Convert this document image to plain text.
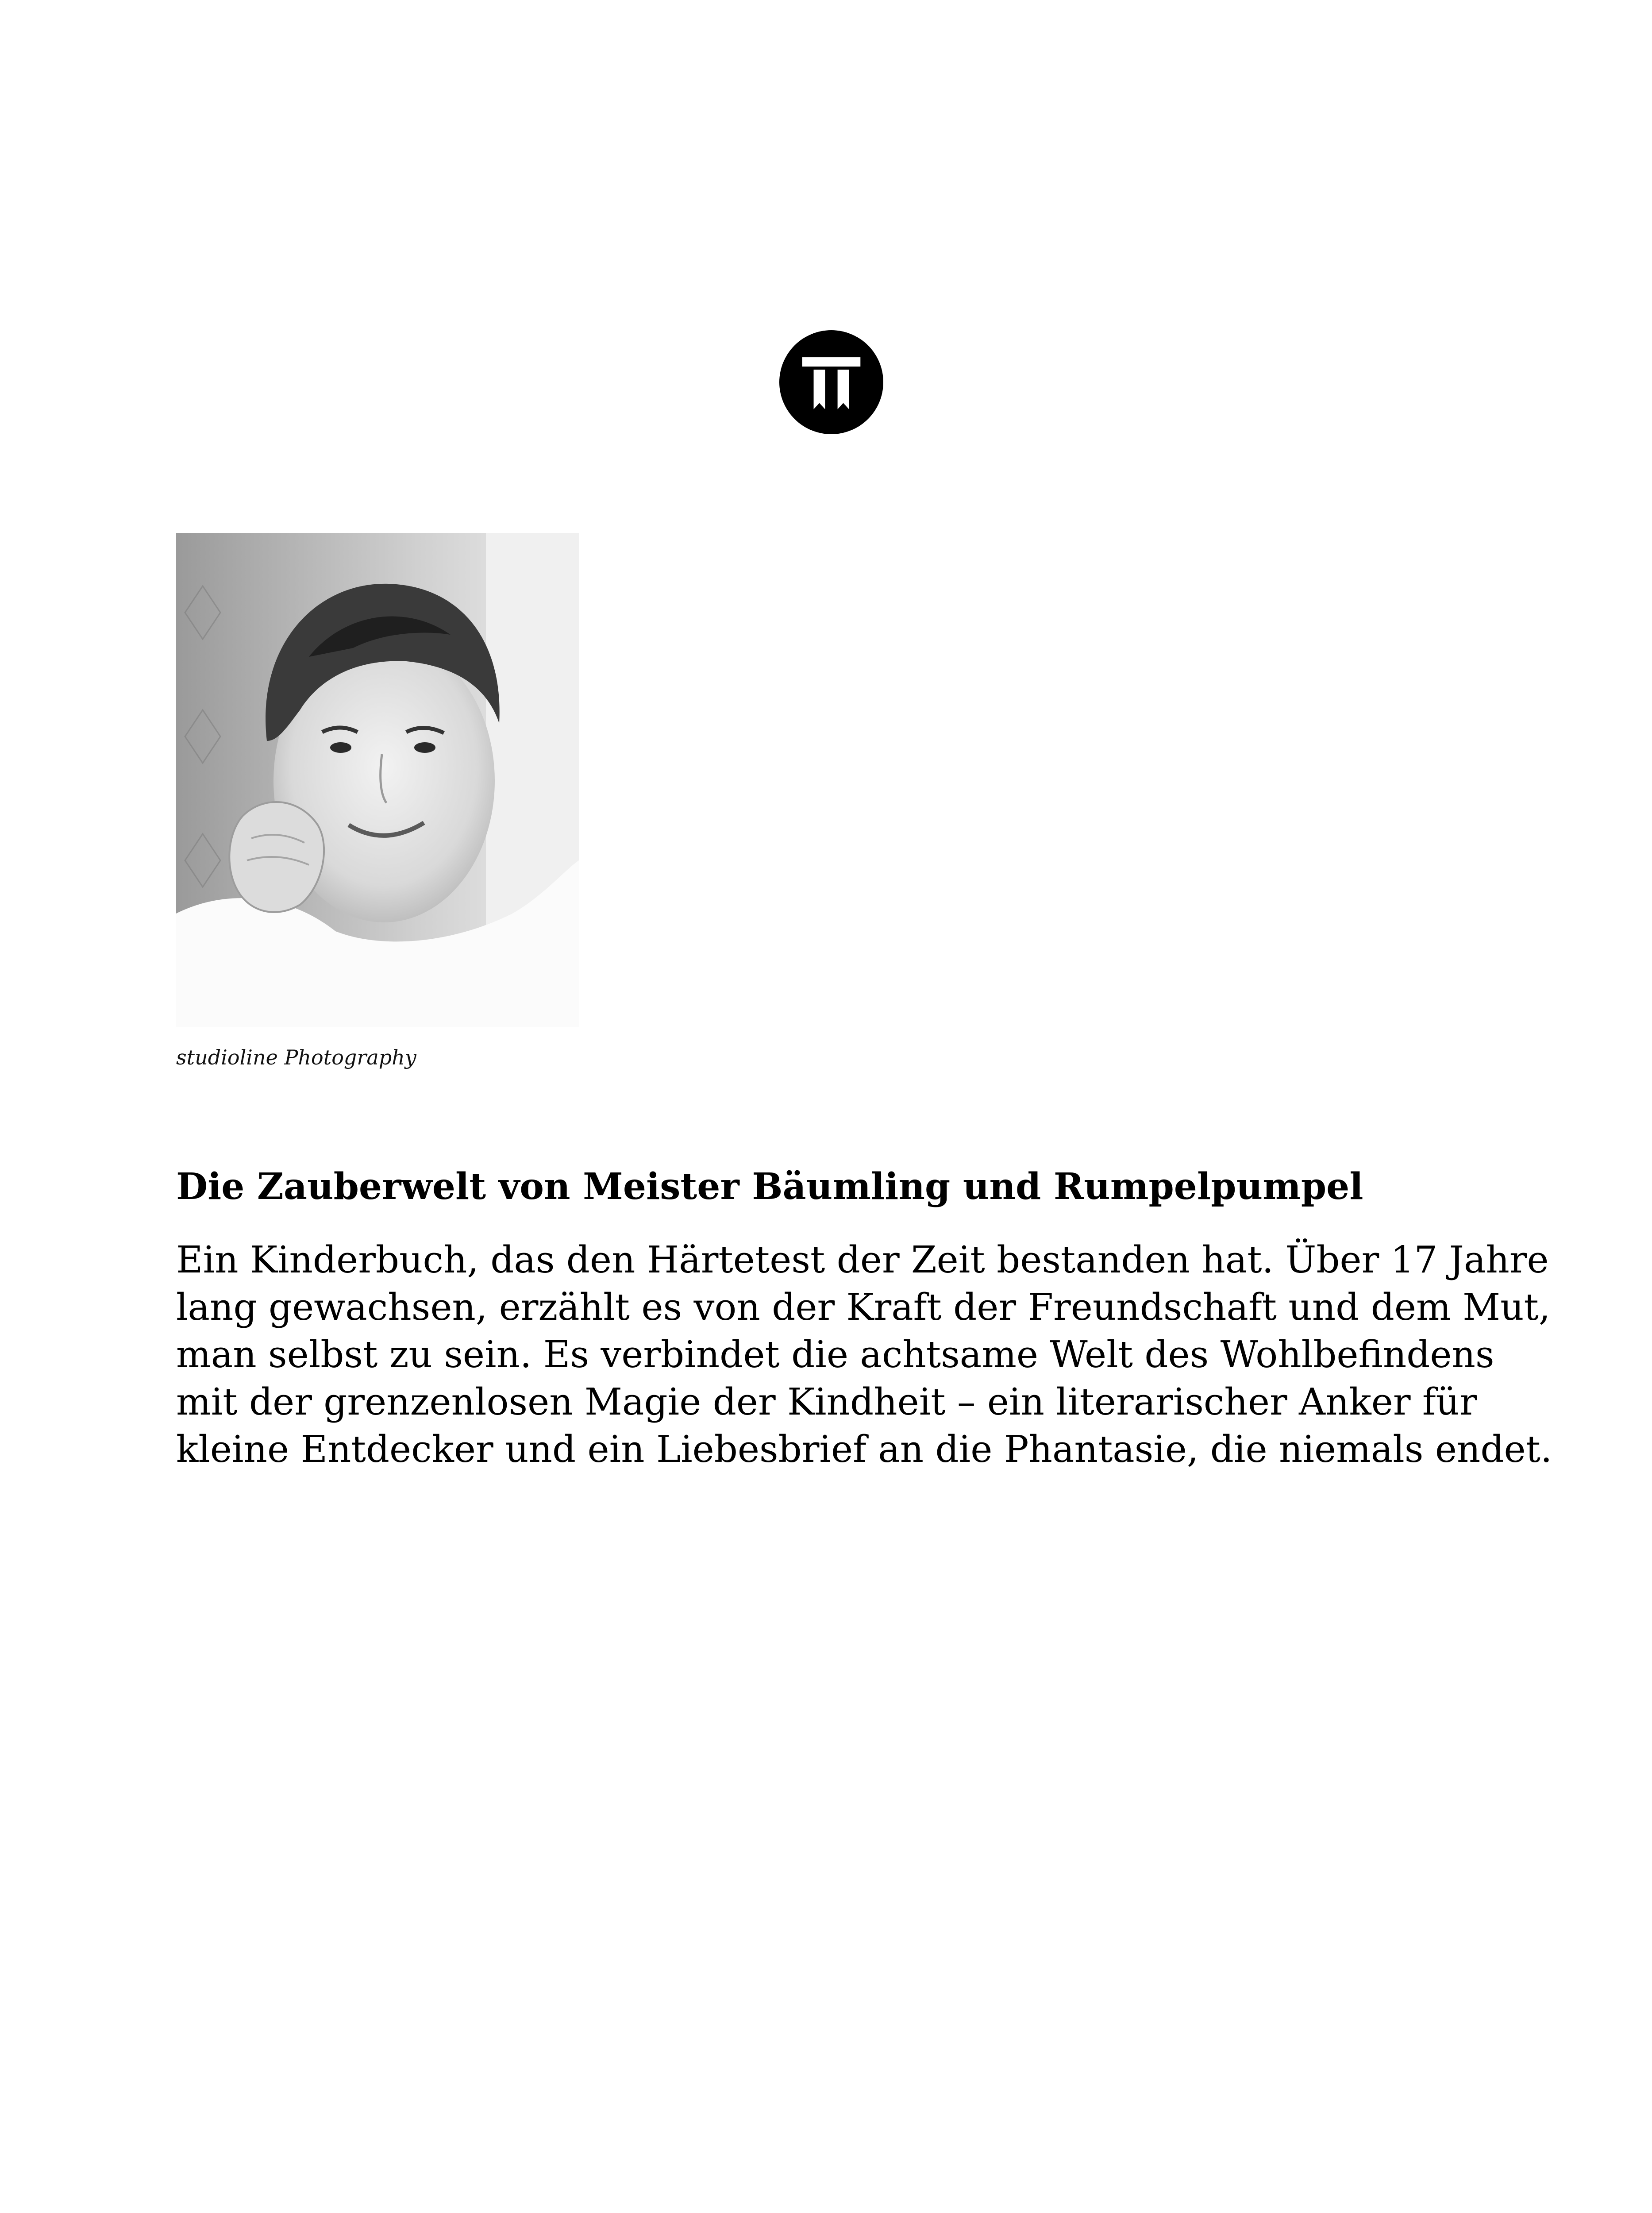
studioline Photography
Die Zauberwelt von Meister Bäumling und Rumpelpumpel

Ein Kinderbuch, das den Härtetest der Zeit bestanden hat. Über 17 Jahre
lang gewachsen, erzählt es von der Kraft der Freundschaft und dem Mut,
man selbst zu sein. Es verbindet die achtsame Welt des Wohlbefindens
mit der grenzenlosen Magie der Kindheit – ein literarischer Anker für
kleine Entdecker und ein Liebesbrief an die Phantasie, die niemals endet.
